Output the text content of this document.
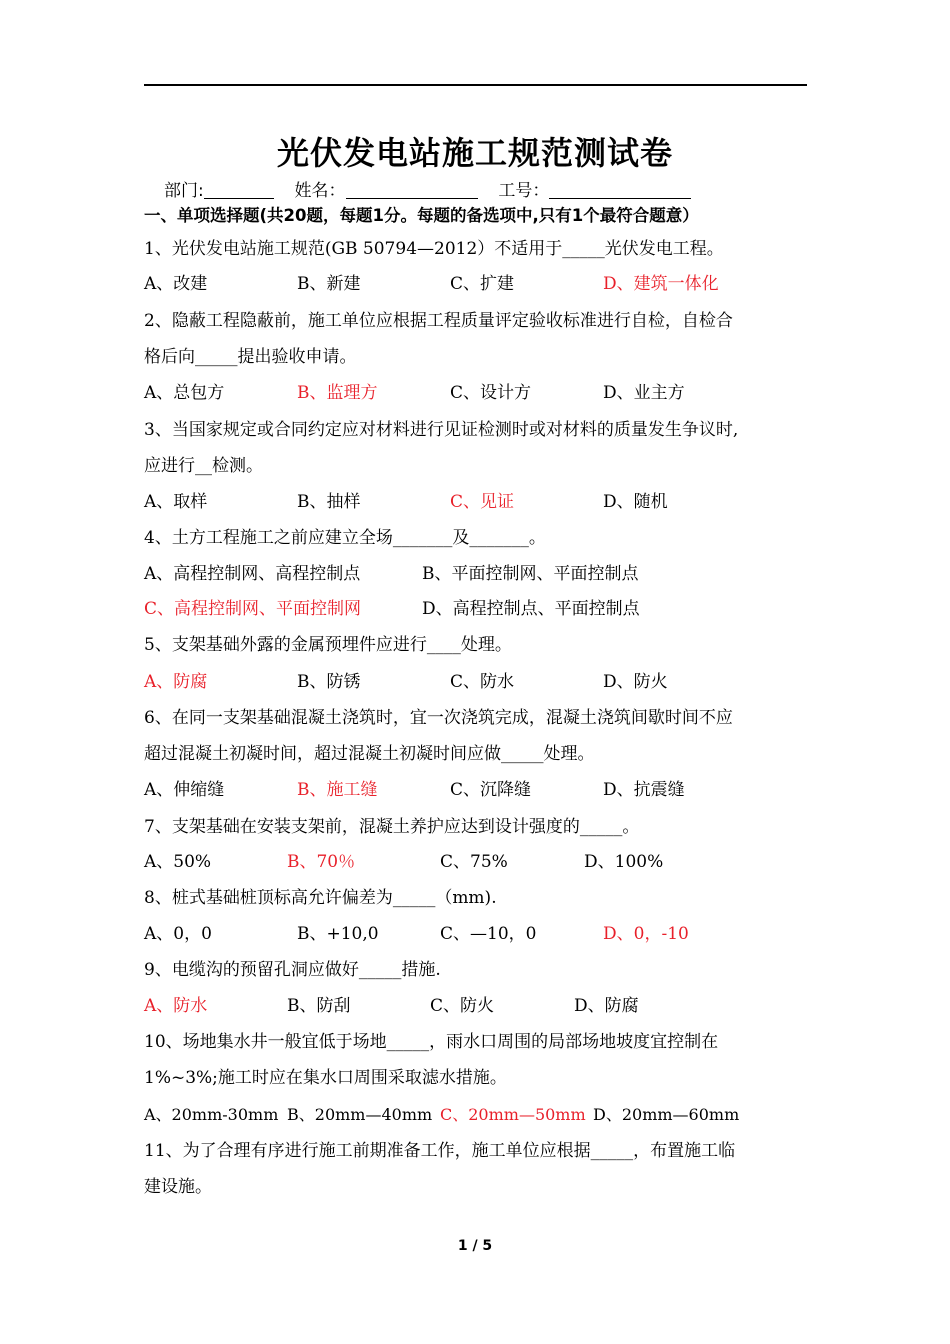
光伏发电站施工规范测试卷
部门:	姓名：	工号：
一、单项选择题(共20题，每题1分。每题的备选项中,只有1个最符合题意）
1、光伏发电站施工规范(GB 50794—2012）不适用于_____光伏发电工程。
A、改建	B、新建	C、扩建	D、建筑一体化
2、隐蔽工程隐蔽前，施工单位应根据工程质量评定验收标准进行自检，自检合
格后向_____提出验收申请。
A、总包方	B、监理方	C、设计方	D、业主方
3、当国家规定或合同约定应对材料进行见证检测时或对材料的质量发生争议时,
应进行__检测。
A、取样	B、抽样	C、见证	D、随机
4、土方工程施工之前应建立全场_______及_______。
A、高程控制网、高程控制点	B、平面控制网、平面控制点
C、高程控制网、平面控制网	D、高程控制点、平面控制点
5、支架基础外露的金属预埋件应进行____处理。
A、防腐	B、防锈	C、防水	D、防火
6、在同一支架基础混凝土浇筑时，宜一次浇筑完成，混凝土浇筑间歇时间不应
超过混凝土初凝时间，超过混凝土初凝时间应做_____处理。
A、伸缩缝	B、施工缝	C、沉降缝	D、抗震缝
7、支架基础在安装支架前，混凝土养护应达到设计强度的_____。
A、50%	B、70％	C、75%	D、100%
8、桩式基础桩顶标高允许偏差为_____（mm).
A、0，0	B、+10,0	C、—10，0	D、0，-10
9、电缆沟的预留孔洞应做好_____措施.
A、防水	B、防刮	C、防火	D、防腐
10、场地集水井一般宜低于场地_____，雨水口周围的局部场地坡度宜控制在
1%~3%;施工时应在集水口周围采取滤水措施。
A、20mm-30mm B、20mm—40mm C、20mm—50mm D、20mm—60mm
11、为了合理有序进行施工前期准备工作，施工单位应根据_____，布置施工临
建设施。
1 / 5
